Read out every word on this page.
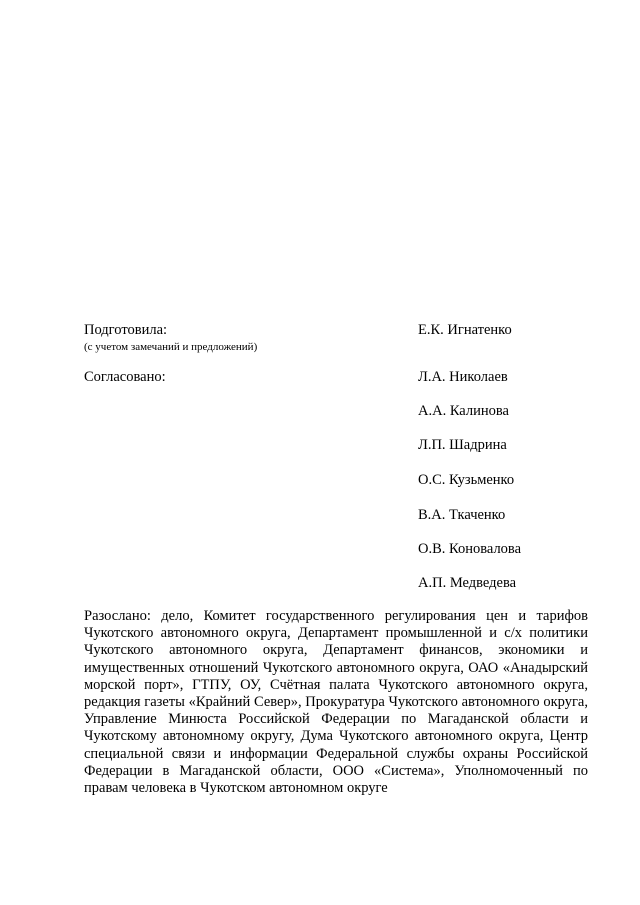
Подготовила:
(с учетом замечаний и предложений)
Е.К. Игнатенко
Согласовано:	Л.А. Николаев
А.А. Калинова
Л.П. Шадрина
О.С. Кузьменко
В.А. Ткаченко
О.В. Коновалова
А.П. Медведева
Разослано: дело, Комитет государственного регулирования цен и тарифов Чукотского автономного округа, Департамент промышленной и с/х политики Чукотского автономного округа, Департамент финансов, экономики и имущественных отношений Чукотского автономного округа, ОАО «Анадырский морской порт», ГТПУ, ОУ, Счётная палата Чукотского автономного округа, редакция газеты «Крайний Север», Прокуратура Чукотского автономного округа, Управление Минюста Российской Федерации по Магаданской области и Чукотскому автономному округу, Дума Чукотского автономного округа, Центр специальной связи и информации Федеральной службы охраны Российской Федерации в Магаданской области, ООО «Система», Уполномоченный по правам человека в Чукотском автономном округе
